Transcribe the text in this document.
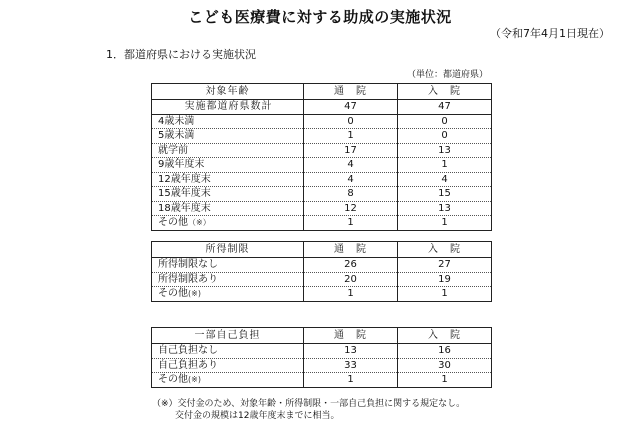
こども医療費に対する助成の実施状況
（令和7年4月1日現在）
1．都道府県における実施状況
（単位：都道府県）
対象年齢	通　院	入　院
実施都道府県数計	47	47
4歳未満	0	0
5歳未満	1	0
就学前	17	13
9歳年度末	4	1
12歳年度末	4	4
15歳年度末	8	15
18歳年度末	12	13
その他（※）	1	1
所得制限	通　院	入　院
所得制限なし	26	27
所得制限あり	20	19
その他(※)	1	1
一部自己負担	通　院	入　院
自己負担なし	13	16
自己負担あり	33	30
その他(※)	1	1
（※）交付金のため、対象年齢・所得制限・一部自己負担に関する規定なし。
交付金の規模は12歳年度末までに相当。
